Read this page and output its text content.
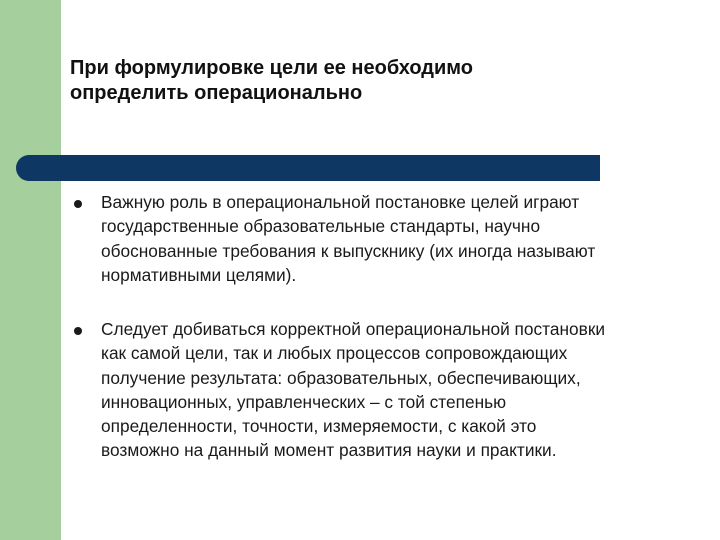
При формулировке цели ее необходимо
определить операционально

Важную роль в операциональной постановке целей играют
государственные образовательные стандарты, научно
обоснованные требования к выпускнику (их иногда называют
нормативными целями).

Следует добиваться корректной операциональной постановки
как самой цели, так и любых процессов сопровождающих
получение результата: образовательных, обеспечивающих,
инновационных, управленческих – с той степенью
определенности, точности, измеряемости, с какой это
возможно на данный момент развития науки и практики.
